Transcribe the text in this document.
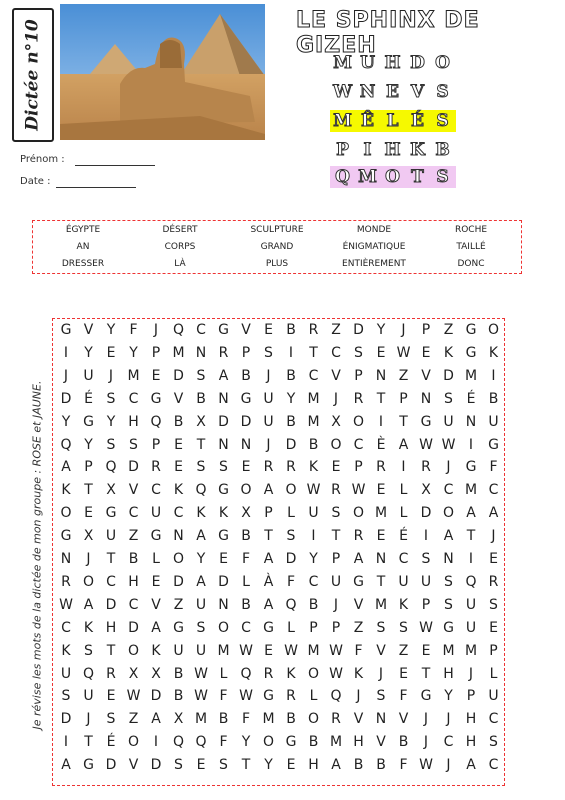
Dictée n°10
Prénom :
Date :
LE SPHINX DE GIZEH
M U H D O
W N E V S
M Ê L É S
P I H K B
Q M O T S
ÉGYPTE	DÉSERT	SCULPTURE	MONDE	ROCHE
AN	CORPS	GRAND	ÉNIGMATIQUE	TAILLÉ
DRESSER	LÀ	PLUS	ENTIÈREMENT	DONC
Je révise les mots de la dictée de mon groupe : ROSE et JAUNE.
G V Y	F	J	Q C G V E B R Z D Y	J	P Z G O
I	Y E Y P M N R P S	I	T C S E W E K G K
J	U	J	M E D S A B	J	B C V P N Z V D M	I
D É S C G V B N G U Y M	J	R T P N S É B
Y G Y H Q B X D D U B M X O	I	T G U N U
Q Y S S P E T N N	J	D B O C È A W W I	G
A P Q D R E S S E R R K E P R	I	R	J	G F
K T X V C K Q G O A O W R W E	L X C M C
O E G C U C K K X P	L U S O M L D O A A
G X U Z G N A G B T S	I	T R E É	I	A T	J
N	J	T B L O Y E	F A D Y P A N C S N	I	E
R O C H E D A D L À F C U G T U U S Q R
W A D C V Z U N B A Q B	J	V M K P S U S
C K H D A G S O C G L	P	P Z S S W G U E
K S T O K U U M W E W M W F V Z E M M P
U Q R X X B W L Q R K O W K	J	E T H	J	L
S U E W D B W F W G R L Q	J	S	F G Y P U
D	J	S Z A X M B F M B O R V N V	J	J	H C
I	T É O	I	Q Q F	Y O G B M H V B	J	C H S
A G D V D S E S T Y E H A B B F W J	A C
